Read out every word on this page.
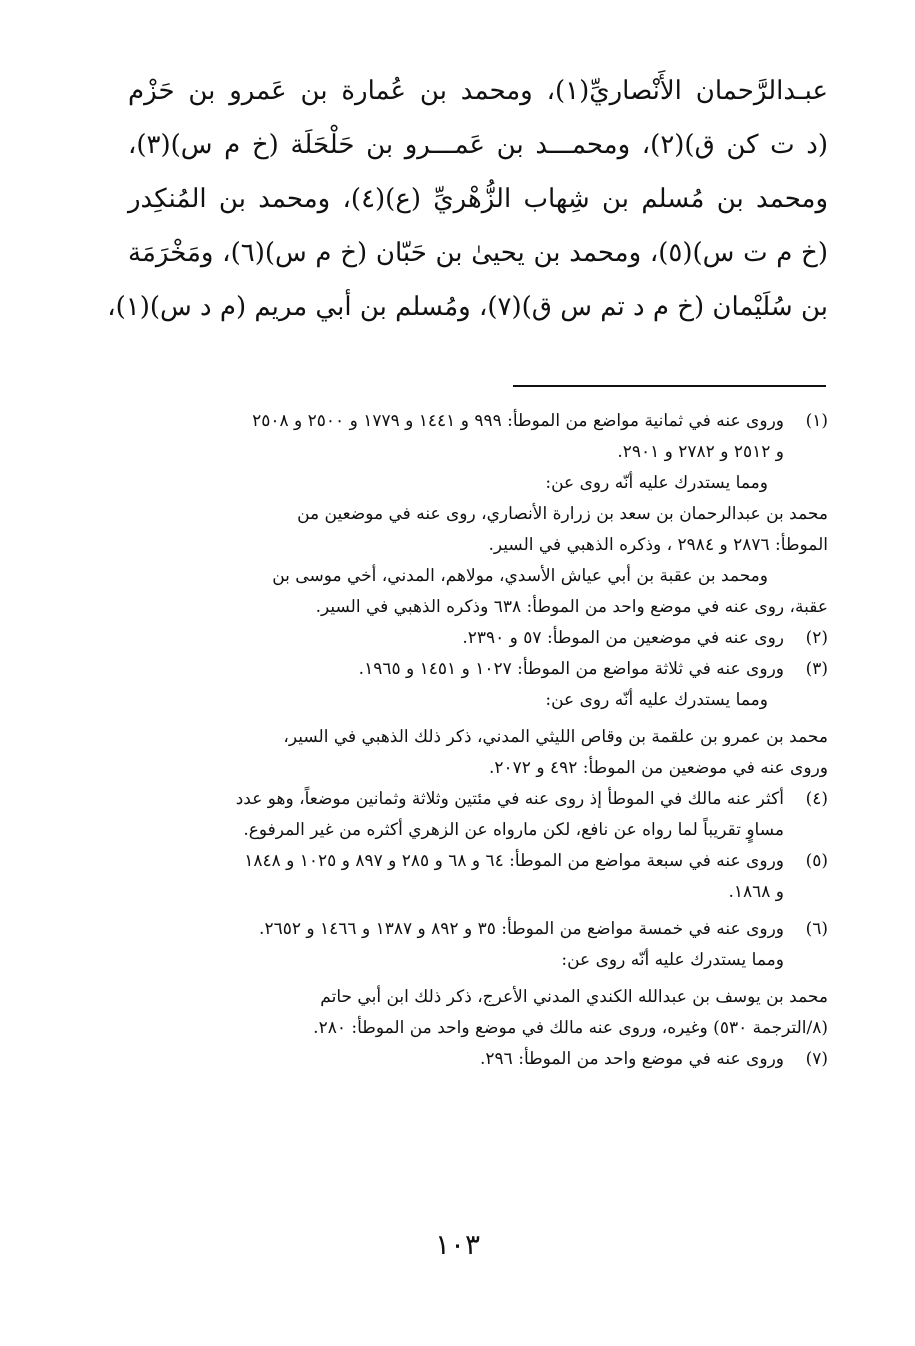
عبـدالرَّحمان الأَنْصاريِّ(١)، ومحمد بن عُمارة بن عَمرو بن حَزْم
(د ت كن ق)(٢)، ومحمـــد بن عَمـــرو بن حَلْحَلَة (خ م س)(٣)،
ومحمد بن مُسلم بن شِهاب الزُّهْريِّ (ع)(٤)، ومحمد بن المُنكِدر
(خ م ت س)(٥)، ومحمد بن يحيىٰ بن حَبّان (خ م س)(٦)، ومَخْرَمَة
بن سُلَيْمان (خ م د تم س ق)(٧)، ومُسلم بن أبي مريم (م د س)(١)،
(١)
وروى عنه في ثمانية مواضع من الموطأ: ٩٩٩ و ١٤٤١ و ١٧٧٩ و ٢٥٠٠ و ٢٥٠٨
و ٢٥١٢ و ٢٧٨٢ و ٢٩٠١.
ومما يستدرك عليه أنّه روى عن:
محمد بن عبدالرحمان بن سعد بن زرارة الأنصاري، روى عنه في موضعين من
الموطأ: ٢٨٧٦ و ٢٩٨٤ ، وذكره الذهبي في السير.
ومحمد بن عقبة بن أبي عياش الأسدي، مولاهم، المدني، أخي موسى بن
عقبة، روى عنه في موضع واحد من الموطأ: ٦٣٨ وذكره الذهبي في السير.
(٢)
روى عنه في موضعين من الموطأ: ٥٧ و ٢٣٩٠.
(٣)
وروى عنه في ثلاثة مواضع من الموطأ: ١٠٢٧ و ١٤٥١ و ١٩٦٥.
ومما يستدرك عليه أنّه روى عن:
محمد بن عمرو بن علقمة بن وقاص الليثي المدني، ذكر ذلك الذهبي في السير،
وروى عنه في موضعين من الموطأ: ٤٩٢ و ٢٠٧٢.
(٤)
أكثر عنه مالك في الموطأ إذ روى عنه في مئتين وثلاثة وثمانين موضعاً، وهو عدد
مساوٍ تقريباً لما رواه عن نافع، لكن مارواه عن الزهري أكثره من غير المرفوع.
(٥)
وروى عنه في سبعة مواضع من الموطأ: ٦٤ و ٦٨ و ٢٨٥ و ٨٩٧ و ١٠٢٥ و ١٨٤٨
و ١٨٦٨.
(٦)
وروى عنه في خمسة مواضع من الموطأ: ٣٥ و ٨٩٢ و ١٣٨٧ و ١٤٦٦ و ٢٦٥٢.
ومما يستدرك عليه أنّه روى عن:
محمد بن يوسف بن عبدالله الكندي المدني الأعرج، ذكر ذلك ابن أبي حاتم
(٨/الترجمة ٥٣٠) وغيره، وروى عنه مالك في موضع واحد من الموطأ: ٢٨٠.
(٧)
وروى عنه في موضع واحد من الموطأ: ٢٩٦.
١٠٣
